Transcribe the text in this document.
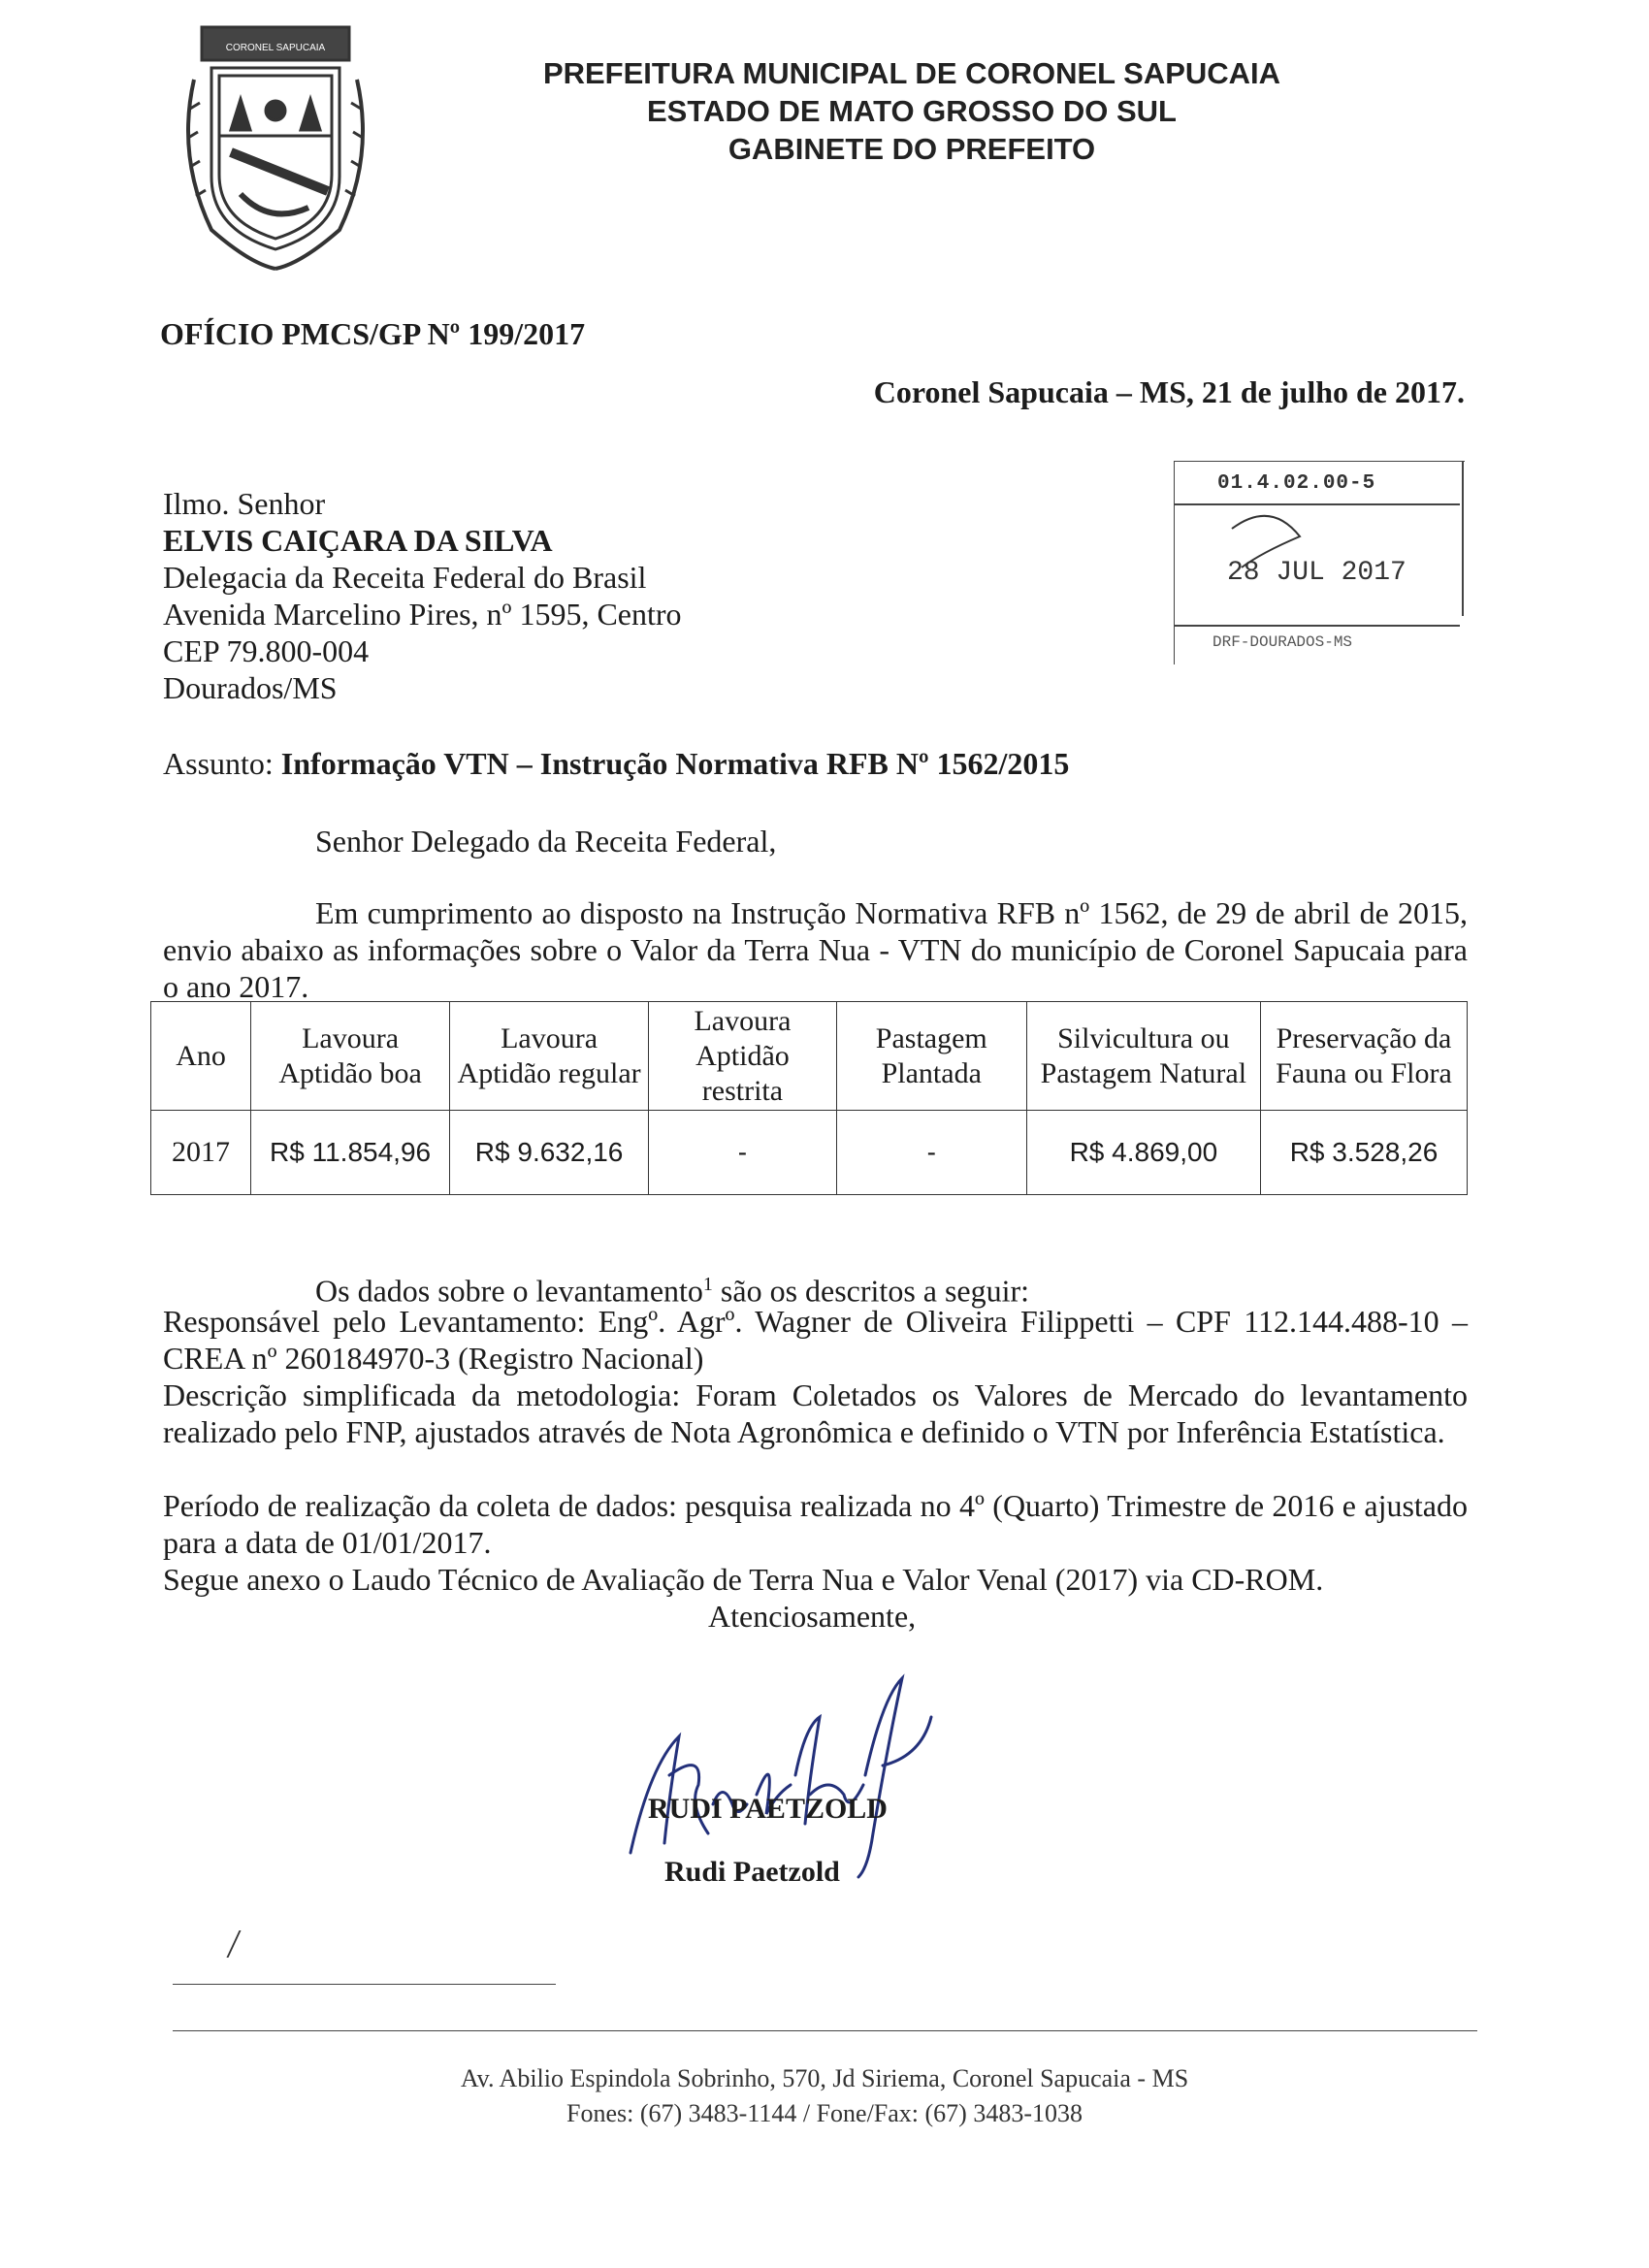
CORONEL SAPUCAIA
PREFEITURA MUNICIPAL DE CORONEL SAPUCAIA
ESTADO DE MATO GROSSO DO SUL
GABINETE DO PREFEITO
OFÍCIO PMCS/GP Nº 199/2017
Coronel Sapucaia – MS, 21 de julho de 2017.
Ilmo. Senhor
ELVIS CAIÇARA DA SILVA
Delegacia da Receita Federal do Brasil
Avenida Marcelino Pires, nº 1595, Centro
CEP 79.800-004
Dourados/MS
01.4.02.00-5
28 JUL 2017
DRF-DOURADOS-MS
Assunto: Informação VTN – Instrução Normativa RFB Nº 1562/2015
Senhor Delegado da Receita Federal,
Em cumprimento ao disposto na Instrução Normativa RFB nº 1562, de 29 de abril de 2015, envio abaixo as informações sobre o Valor da Terra Nua - VTN do município de Coronel Sapucaia para o ano 2017.
Ano	Lavoura Aptidão boa	Lavoura Aptidão regular	Lavoura Aptidão restrita	Pastagem Plantada	Silvicultura ou Pastagem Natural	Preservação da Fauna ou Flora
2017	R$ 11.854,96	R$ 9.632,16	-	-	R$ 4.869,00	R$ 3.528,26
Os dados sobre o levantamento$^1$ são os descritos a seguir:
Responsável pelo Levantamento: Engº. Agrº. Wagner de Oliveira Filippetti – CPF 112.144.488-10 – CREA nº 260184970-3 (Registro Nacional)
Descrição simplificada da metodologia: Foram Coletados os Valores de Mercado do levantamento realizado pelo FNP, ajustados através de Nota Agronômica e definido o VTN por Inferência Estatística.
Período de realização da coleta de dados: pesquisa realizada no 4º (Quarto) Trimestre de 2016 e ajustado para a data de 01/01/2017.
Segue anexo o Laudo Técnico de Avaliação de Terra Nua e Valor Venal (2017) via CD-ROM.
Atenciosamente,
RUDI PAETZOLD
Rudi Paetzold
Av. Abilio Espindola Sobrinho, 570, Jd Siriema, Coronel Sapucaia - MS
Fones: (67) 3483-1144 / Fone/Fax: (67) 3483-1038
